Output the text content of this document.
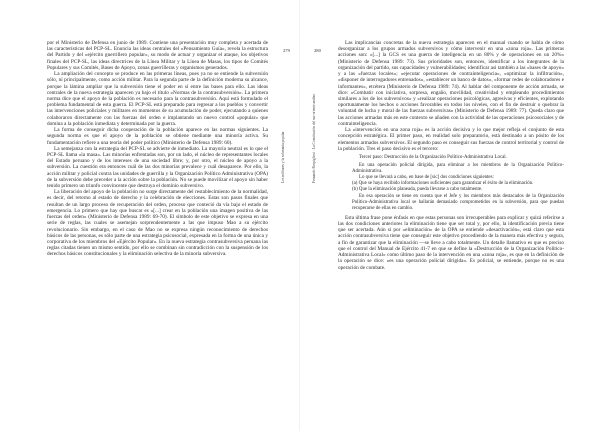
por el Ministerio de Defensa en junio de 1989. Contiene una presentación muy completa y acertada de las características del PCP-SL. Enuncia las ideas centrales del «Pensamiento Guía», revela la estructura del Partido y del «ejército guerrillero popular», su modo de actuar y organizar el ataque, los objetivos finales del PCP-SL, las ideas directrices de la Línea Militar y la Línea de Masas, los tipos de Comités Populares y sus Comités, Bases de Apoyo, zonas guerrilleras y organismos generados.

La ampliación del concepto se produce en las primeras líneas, pues ya no se entiende la subversión sólo, ni principalmente, como acción militar. Para la segunda parte de la definición moderna su alcance, porque la lámina ampliar que la subversión tiene el poder en sí entre las bases para ello. Las ideas centrales de la nueva estrategia aparecen ya bajo el título «Normas de la contrasubversión». La primera norma dice que el apoyo de la población es necesario para la contrasubversión. Aquí está formulado el problema fundamental de esta guerra. El PCP-SL está preparado para regresar a los pueblos y convertir las intervenciones policiales y militares en momentos de su acumulación de poder, ejecutando a quienes colaboraron directamente con las fuerzas del orden e implantando un nuevo control «popular» que domina a la población inmediata y determinada por la guerra.

La forma de conseguir dicha cooperación de la población aparece en las normas siguientes. La segunda norma es que el apoyo de la población se obtiene mediante una minoría activa. Su fundamentación refiere a una teoría del poder político (Ministerio de Defensa 1989: 60).

La semejanza con la estrategia del PCP-SL se advierte de inmediato. La mayoría neutral es lo que el PCP-SL llama «la masa». Las minorías enfrentadas son, por un lado, el núcleo de representantes locales del Estado peruano y de los intereses de una sociedad libre; y, por otro, el núcleo de apoyo a la subversión. La cuestión era entonces cuál de las dos minorías prevalece y cuál desaparece. Por ello, la acción militar y policial contra las unidades de guerrilla y la Organización Político Administrativa (OPA) de la subversión debe preceder a la acción sobre la población. No se puede movilizar el apoyo sin haber tenido primero un triunfo convincente que destruya el dominio subversivo.

La liberación del apoyo de la población no surge directamente del restablecimiento de la normalidad, es decir, del retorno al estado de derecho y la celebración de elecciones. Estas son pasos finales que resultan de un largo proceso de recuperación del orden, proceso que conteció da vía bajo el estado de emergencia. Lo primero que hay que buscar es «[...] crear en la población una imagen positiva de las fuerzas del orden» (Ministerio de Defensa 1989: 69-70). El símbolo de este objetivo se expresa en una serie de reglas, las cuales se asemejan sorprendentemente a las que impuso Mao a su ejército revolucionario. Sin embargo, en el caso de Mao no se expresa ningún reconocimiento de derechos básicos de las personas, es sólo parte de una estrategia psicosocial, expresada en la forma de una única y corporativa de los miembros del «Ejército Popular». En la nueva estrategia contrasubversiva peruana las reglas citadas tienen un mismo sentido, por ello se combinan sin contradicción con la suspensión de los derechos básicos constitucionales y la eliminación selectiva de la minoría subversiva.

279
Los militares y la soberanía popular
280
Fernando Rospigliosi · La Constitución del sur-oriente andino

Las implicancias concretas de la nueva estrategia aparecen en el manual cuando se habla de cómo desorganizar a los grupos armados subversivos y cómo intervenir en una «zona roja». Las primeras acciones son: «[...] la GCS es una guerra de inteligencia en un 80% y de operaciones en un 20%» (Ministerio de Defensa 1989: 73). Sus prioridades son, entonces, identificar a los integrantes de la organización del partido, sus capacidades y vulnerabilidades; identificar asi también a las «bases de apoyo» y a las «fuerzas locales»; «ejecutar operaciones de contrainteligencia», «optimizar la infiltración», «disponer de interrogadores entrenados», «establecer un banco de datos», «formar redes de colaboradores e informantes», etcétera (Ministerio de Defensa 1989: 74). Al hablar del componente de acción armada, se dice: «Combatir con iniciativa, sorpresa, engaño, movilidad, creatividad y empleando procedimientos similares a los de los subversivos» y «realizar operaciones psicológicas, agresivas y eficientes, explotando oportunamente los hechos o acciones favorables en todos los niveles, con el fin de destruir o quebrar la voluntad de lucha y moral de las fuerzas subversivas» (Ministerio de Defensa 1989: 77). Queda claro que las acciones armadas más en este contexto se añaden con la actividad de las operaciones psicosociales y de contrainteligencia.

La «intervención en una zona roja» es la acción decisiva y lo que mejor refleja el conjunto de esta concepción estratégica. El primer paso, en realidad solo preparatorio, está destinado a un pósito de los elementos armados subversivos. El segundo paso es conseguir sus fuerzas de control territorial y control de la población. Tres el paso decisivo es el tercero:

Tercer paso: Destrucción de la Organización Político-Administrativa Local.

En una operación policial dirigida, para eliminar a los miembros de la Organización Político-Administrativa.

Lo que se llevará a cabo, en base de [sic] dos condiciones siguientes:

(a) Que se haya recibido informaciones suficientes para garantizar el éxito de la eliminación.

(b) Que la eliminación planeada, pueda llevarse a cabo totalmente.

En esa operación se tiene en cuenta que el Jefe y los miembros más destacados de la Organización Político-Administrativa local se hallarán demasiado comprometidos en la subversión, para que puedan recuperarse de ellas en cambio.

Esta última frase pone énfasis en que estas personas son irrecuperables para explicar y quizá referirse a las dos condiciones anteriores la eliminación tiene que ser total y, por ello, la identificación previa tiene que ser acertada. Aún si por «eliminación» de la OPA se entiende «desactivación», está claro que esta acción contrasubversiva tiene que conseguir este objetivo procediendo de la manera más efectiva y segura, a fin de garantizar que la eliminación —se lleve a cabo totalmente. Un detalle llamativo es que es preciso que el control del Manual de Ejército 41-7 en que se define la «Destrucción de la Organización Político-Administrativa Local» como último paso de la intervención en una «zona roja», es que en la definición de la operación se dice: «es una operación policial dirigida». Es policial, se entiende, porque no es una operación de combate.
